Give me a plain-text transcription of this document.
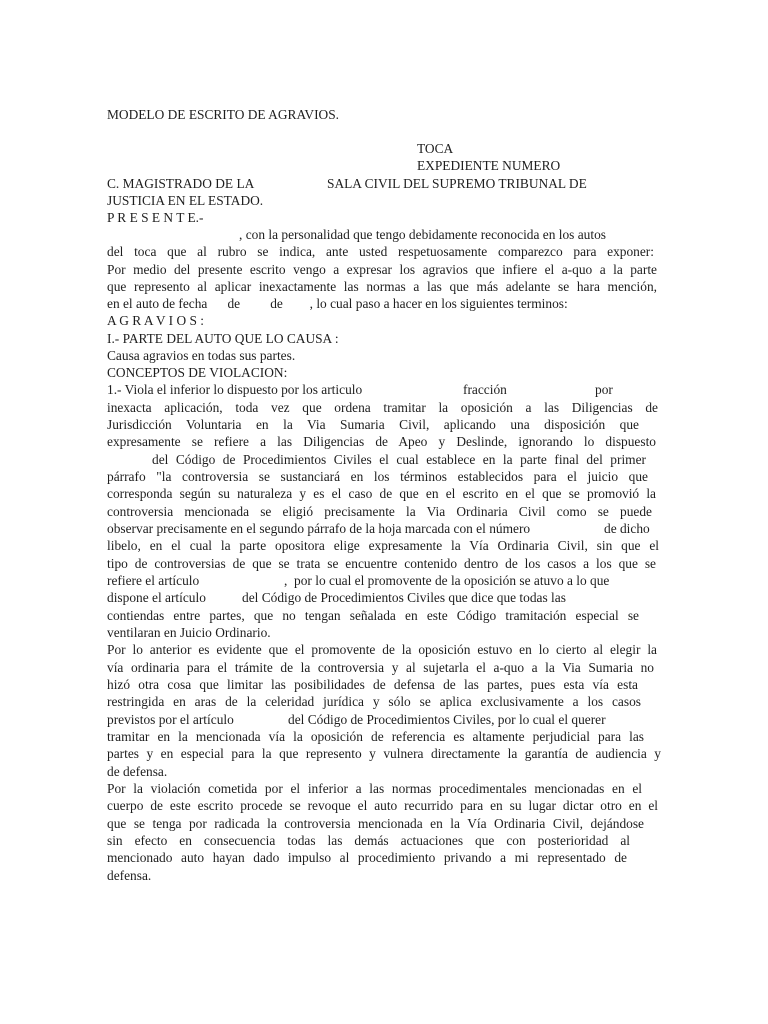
MODELO DE ESCRITO DE AGRAVIOS.
TOCA
EXPEDIENTE NUMERO
C. MAGISTRADO DE LA	SALA CIVIL DEL SUPREMO TRIBUNAL DE
JUSTICIA EN EL ESTADO.
P R E S E N T E.-
, con la personalidad que tengo debidamente reconocida en los autos
del toca que al rubro se indica, ante usted respetuosamente comparezco para exponer:
Por medio del presente escrito vengo a expresar los agravios que infiere el a-quo a la parte
que represento al aplicar inexactamente las normas a las que más adelante se hara mención,
en el auto de fecha      de         de        , lo cual paso a hacer en los siguientes terminos:
A G R A V I O S :
I.- PARTE DEL AUTO QUE LO CAUSA :
Causa agravios en todas sus partes.
CONCEPTOS DE VIOLACION:
1.- Viola el inferior lo dispuesto por los articulo	fracción	por
inexacta aplicación, toda vez que ordena tramitar la oposición a las Diligencias de
Jurisdicción Voluntaria en la Via Sumaria Civil, aplicando una disposición que
expresamente se refiere a las Diligencias de Apeo y Deslinde, ignorando lo dispuesto
del Código de Procedimientos Civiles el cual establece en la parte final del primer
párrafo "la controversia se sustanciará en los términos establecidos para el juicio que
corresponda según su naturaleza y es el caso de que en el escrito en el que se promovió la
controversia mencionada se eligió precisamente la Via Ordinaria Civil como se puede
observar precisamente en el segundo párrafo de la hoja marcada con el número	de dicho
libelo, en el cual la parte opositora elige expresamente la Vía Ordinaria Civil, sin que el
tipo de controversias de que se trata se encuentre contenido dentro de los casos a los que se
refiere el artículo	,  por lo cual el promovente de la oposición se atuvo a lo que
dispone el artículo	del Código de Procedimientos Civiles que dice que todas las
contiendas entre partes, que no tengan señalada en este Código tramitación especial se
ventilaran en Juicio Ordinario.
Por lo anterior es evidente que el promovente de la oposición estuvo en lo cierto al elegir la
vía ordinaria para el trámite de la controversia y al sujetarla el a-quo a la Via Sumaria no
hizó otra cosa que limitar las posibilidades de defensa de las partes, pues esta vía esta
restringida en aras de la celeridad jurídica y sólo se aplica exclusivamente a los casos
previstos por el artículo	del Código de Procedimientos Civiles, por lo cual el querer
tramitar en la mencionada vía la oposición de referencia es altamente perjudicial para las
partes y en especial para la que represento y vulnera directamente la garantía de audiencia y
de defensa.
Por la violación cometida por el inferior a las normas procedimentales mencionadas en el
cuerpo de este escrito procede se revoque el auto recurrido para en su lugar dictar otro en el
que se tenga por radicada la controversia mencionada en la Vía Ordinaria Civil, dejándose
sin efecto en consecuencia todas las demás actuaciones que con posterioridad al
mencionado auto hayan dado impulso al procedimiento privando a mi representado de
defensa.
